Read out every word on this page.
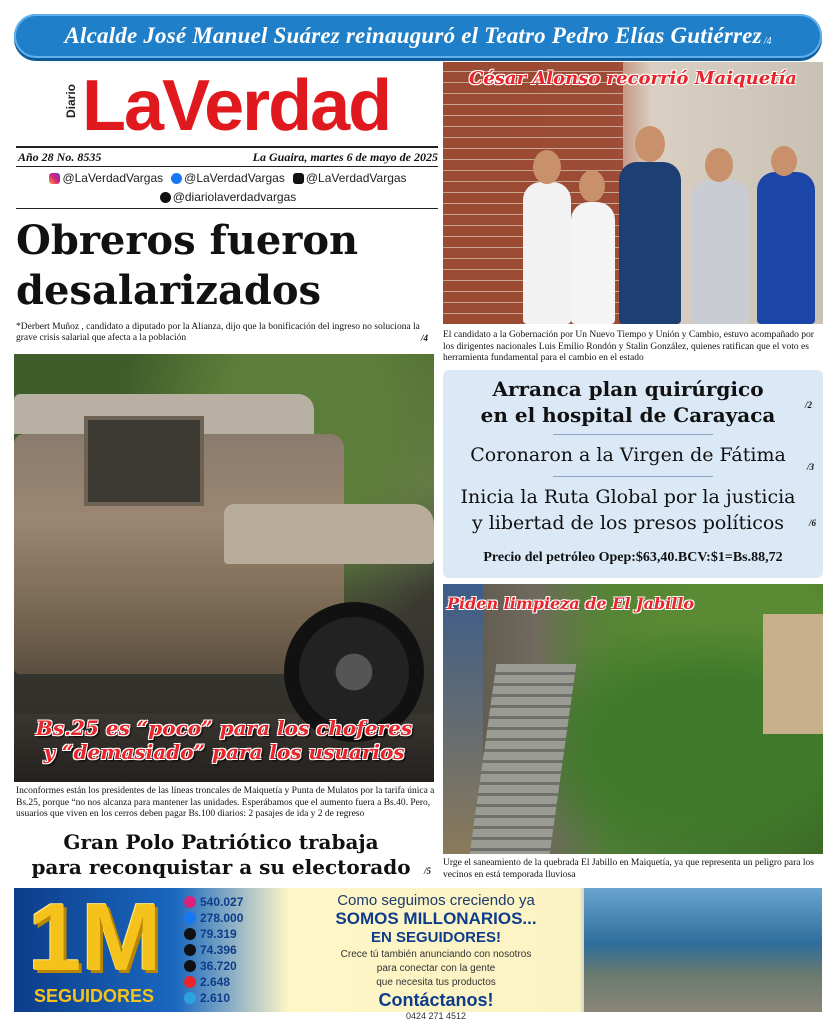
Alcalde José Manuel Suárez reinauguró el Teatro Pedro Elías Gutiérrez /4
Diario LaVerdad
Año 28 No. 8535	La Guaira, martes 6 de mayo de 2025
@LaVerdadVargas	@LaVerdadVargas	@LaVerdadVargas
@diariolaverdadvargas
Obreros fueron
desalarizados
*Derbert Muñoz , candidato a diputado por la Alianza, dijo que la bonificación del ingreso no soluciona la grave crisis salarial que afecta a la población	/4
Bs.25 es “poco” para los choferes
y “demasiado” para los usuarios
Inconformes están los presidentes de las líneas troncales de Maiquetía y Punta de Mulatos por la tarifa única a Bs.25, porque “no nos alcanza para mantener las unidades. Esperábamos que el aumento fuera a Bs.40. Pero, usuarios que viven en los cerros deben pagar Bs.100 diarios: 2 pasajes de ida y 2 de regreso
Gran Polo Patriótico trabaja
para reconquistar a su electorado	/5
César Alonso recorrió Maiquetía
El candidato a la Gobernación por Un Nuevo Tiempo y Unión y Cambio, estuvo acompañado por los dirigentes nacionales Luis Emilio Rondón y Stalin González, quienes ratifican que el voto es herramienta fundamental para el cambio en el estado
Arranca plan quirúrgico
en el hospital de Carayaca	/2
Coronaron a la Virgen de Fátima
/3
Inicia la Ruta Global por la justicia
y libertad de los presos políticos	/6
Precio del petróleo Opep:$63,40.BCV:$1=Bs.88,72
Piden limpieza de El Jabillo
Urge el saneamiento de la quebrada El Jabillo en Maiquetía, ya que representa un peligro para los vecinos en está temporada lluviosa
1M
SEGUIDORES
540.027
278.000
79.319
74.396
36.720
2.648
2.610
Como seguimos creciendo ya
SOMOS MILLONARIOS...
EN SEGUIDORES!
Crece tú también anunciando con nosotros
para conectar con la gente
que necesita tus productos
Contáctanos!
0424 271 4512
